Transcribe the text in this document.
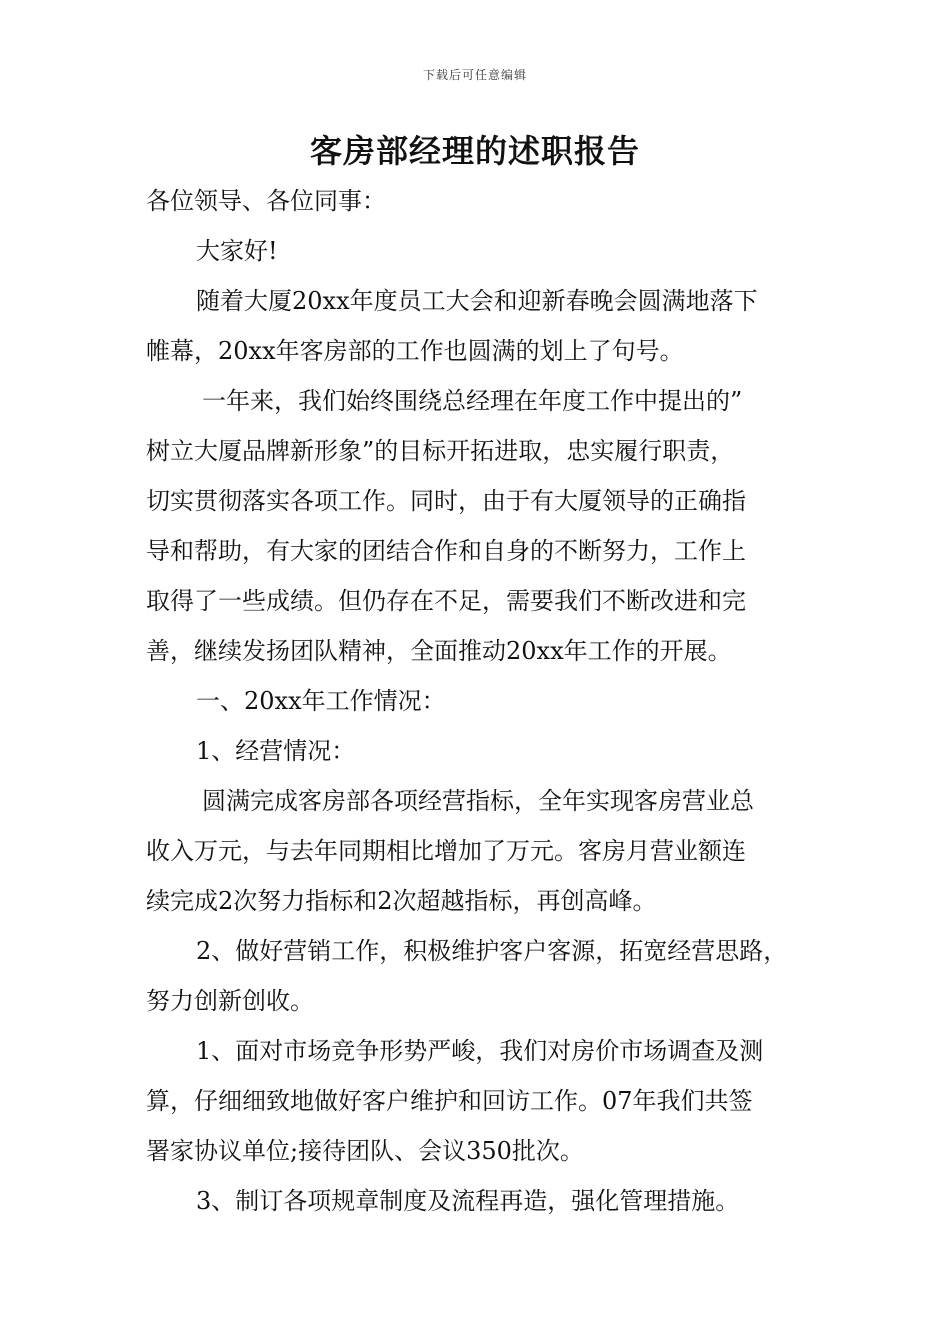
下载后可任意编辑
客房部经理的述职报告
各位领导、各位同事：
大家好!
随着大厦20xx年度员工大会和迎新春晚会圆满地落下
帷幕，20xx年客房部的工作也圆满的划上了句号。
一年来，我们始终围绕总经理在年度工作中提出的”
树立大厦品牌新形象”的目标开拓进取，忠实履行职责，
切实贯彻落实各项工作。同时，由于有大厦领导的正确指
导和帮助，有大家的团结合作和自身的不断努力，工作上
取得了一些成绩。但仍存在不足，需要我们不断改进和完
善，继续发扬团队精神，全面推动20xx年工作的开展。
一、20xx年工作情况：
1、经营情况：
圆满完成客房部各项经营指标，全年实现客房营业总
收入万元，与去年同期相比增加了万元。客房月营业额连
续完成2次努力指标和2次超越指标，再创高峰。
2、做好营销工作，积极维护客户客源，拓宽经营思路，
努力创新创收。
1、面对市场竞争形势严峻，我们对房价市场调查及测
算，仔细细致地做好客户维护和回访工作。07年我们共签
署家协议单位;接待团队、会议350批次。
3、制订各项规章制度及流程再造，强化管理措施。
